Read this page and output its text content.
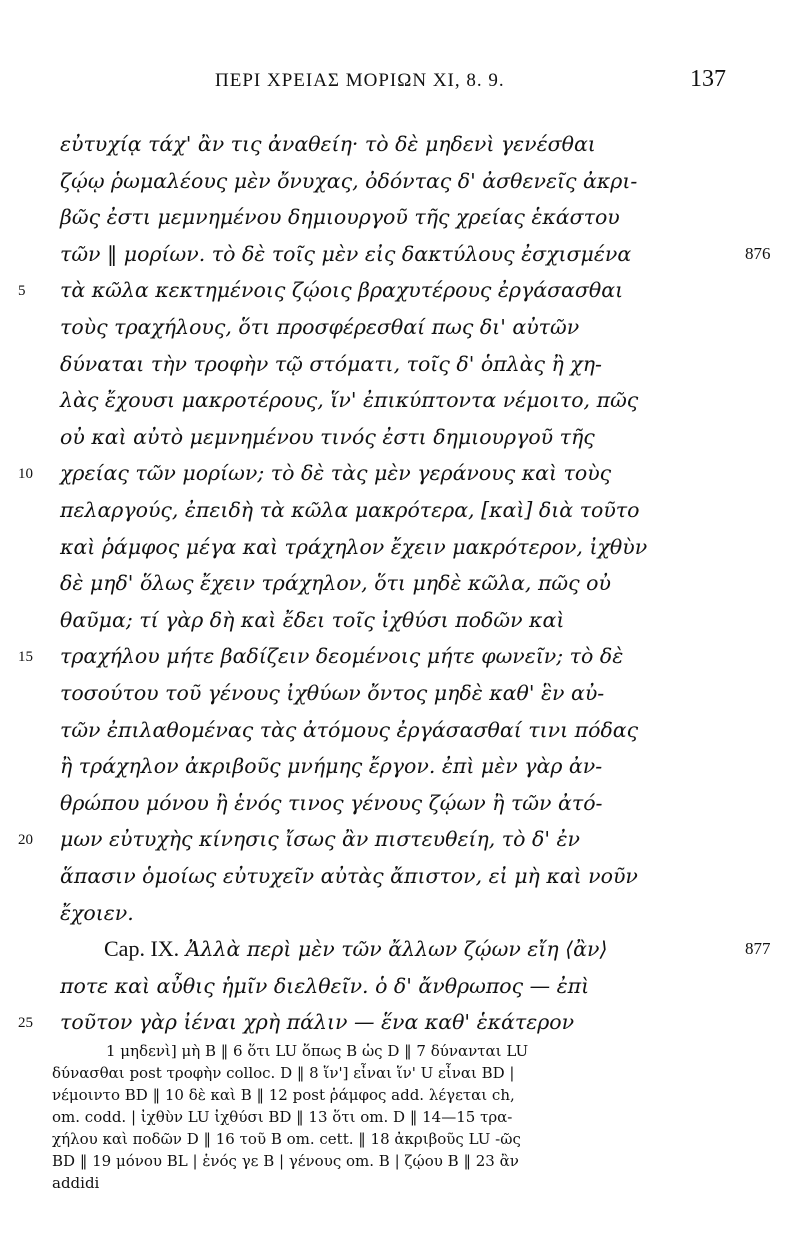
ΠΕΡΙ ΧΡΕΙΑΣ ΜΟΡΙΩΝ XI, 8. 9.	137
εὐτυχίᾳ τάχ' ἂν τις ἀναθείη· τὸ δὲ μηδενὶ γενέσθαι
ζῴῳ ῥωμαλέους μὲν ὄνυχας, ὀδόντας δ' ἀσθενεῖς ἀκρι-
βῶς ἐστι μεμνημένου δημιουργοῦ τῆς χρείας ἑκάστου
τῶν ‖ μορίων. τὸ δὲ τοῖς μὲν εἰς δακτύλους ἐσχισμένα	876
5	τὰ κῶλα κεκτημένοις ζῴοις βραχυτέρους ἐργάσασθαι
τοὺς τραχήλους, ὅτι προσφέρεσθαί πως δι' αὐτῶν
δύναται τὴν τροφὴν τῷ στόματι, τοῖς δ' ὁπλὰς ἢ χη-
λὰς ἔχουσι μακροτέρους, ἵν' ἐπικύπτοντα νέμοιτο, πῶς
οὐ καὶ αὐτὸ μεμνημένου τινός ἐστι δημιουργοῦ τῆς
10	χρείας τῶν μορίων; τὸ δὲ τὰς μὲν γεράνους καὶ τοὺς
πελαργούς, ἐπειδὴ τὰ κῶλα μακρότερα, [καὶ] διὰ τοῦτο
καὶ ῥάμφος μέγα καὶ τράχηλον ἔχειν μακρότερον, ἰχθὺν
δὲ μηδ' ὅλως ἔχειν τράχηλον, ὅτι μηδὲ κῶλα, πῶς οὐ
θαῦμα; τί γὰρ δὴ καὶ ἔδει τοῖς ἰχθύσι ποδῶν καὶ
15	τραχήλου μήτε βαδίζειν δεομένοις μήτε φωνεῖν; τὸ δὲ
τοσούτου τοῦ γένους ἰχθύων ὄντος μηδὲ καθ' ἓν αὐ-
τῶν ἐπιλαθομένας τὰς ἀτόμους ἐργάσασθαί τινι πόδας
ἢ τράχηλον ἀκριβοῦς μνήμης ἔργον. ἐπὶ μὲν γὰρ ἀν-
θρώπου μόνου ἢ ἑνός τινος γένους ζῴων ἢ τῶν ἀτό-
20	μων εὐτυχὴς κίνησις ἴσως ἂν πιστευθείη, τὸ δ' ἐν
ἅπασιν ὁμοίως εὐτυχεῖν αὐτὰς ἄπιστον, εἰ μὴ καὶ νοῦν
ἔχοιεν.
Cap. IX. Ἀλλὰ περὶ μὲν τῶν ἄλλων ζῴων εἴη ⟨ἂν⟩	877
ποτε καὶ αὖθις ἡμῖν διελθεῖν. ὁ δ' ἄνθρωπος — ἐπὶ
25	τοῦτον γὰρ ἰέναι χρὴ πάλιν — ἕνα καθ' ἑκάτερον
1 μηδενὶ] μὴ B ‖ 6 ὅτι LU ὅπως B ὡς D ‖ 7 δύνανται LU
δύνασθαι post τροφὴν colloc. D ‖ 8 ἵν'] εἶναι ἵν' U εἶναι BD |
νέμοιντο BD ‖ 10 δὲ καὶ B ‖ 12 post ῥάμφος add. λέγεται ch,
om. codd. | ἰχθὺν LU ἰχθύσι BD ‖ 13 ὅτι om. D ‖ 14—15 τρα-
χήλου καὶ ποδῶν D ‖ 16 τοῦ B om. cett. ‖ 18 ἀκριβοῦς LU -ῶς
BD ‖ 19 μόνου BL | ἑνός γε B | γένους om. B | ζῴου B ‖ 23 ἂν
addidi
